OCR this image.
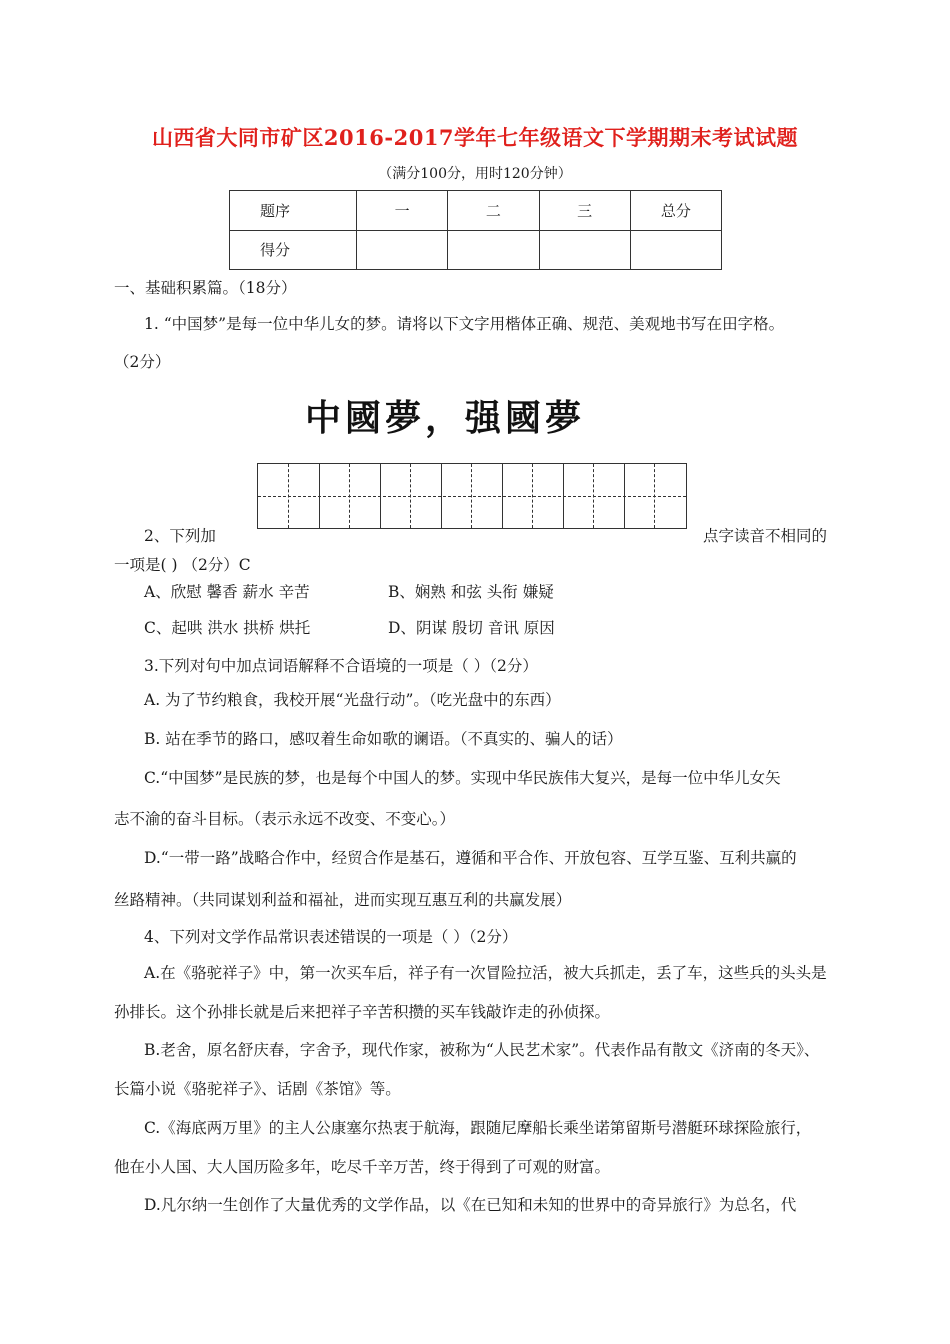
山西省大同市矿区2016-2017学年七年级语文下学期期末考试试题
（满分100分，用时120分钟）
题序	一	二	三	总分
得分				
一、基础积累篇。（18分）
1. “中国梦”是每一位中华儿女的梦。请将以下文字用楷体正确、规范、美观地书写在田字格。
（2分）
中國夢，强國夢
2、下列加	点字读音不相同的
一项是( ) （2分）C
A、欣慰 馨香 薪水 辛苦	B、娴熟 和弦 头衔 嫌疑
C、起哄 洪水 拱桥 烘托	D、阴谋 殷切 音讯 原因
3.下列对句中加点词语解释不合语境的一项是（ ）（2分）
A. 为了节约粮食，我校开展“光盘行动”。（吃光盘中的东西）
B. 站在季节的路口，感叹着生命如歌的谰语。（不真实的、骗人的话）
C.“中国梦”是民族的梦，也是每个中国人的梦。实现中华民族伟大复兴，是每一位中华儿女矢
志不渝的奋斗目标。（表示永远不改变、不变心。）
D.“一带一路”战略合作中，经贸合作是基石，遵循和平合作、开放包容、互学互鉴、互利共赢的
丝路精神。（共同谋划利益和福祉，进而实现互惠互利的共赢发展）
4、下列对文学作品常识表述错误的一项是（ ）（2分）
A.在《骆驼祥子》中，第一次买车后，祥子有一次冒险拉活，被大兵抓走，丢了车，这些兵的头头是
孙排长。这个孙排长就是后来把祥子辛苦积攒的买车钱敲诈走的孙侦探。
B.老舍，原名舒庆春，字舍予，现代作家，被称为“人民艺术家”。代表作品有散文《济南的冬天》、
长篇小说《骆驼祥子》、话剧《茶馆》等。
C.《海底两万里》的主人公康塞尔热衷于航海，跟随尼摩船长乘坐诺第留斯号潜艇环球探险旅行，
他在小人国、大人国历险多年，吃尽千辛万苦，终于得到了可观的财富。
D.凡尔纳一生创作了大量优秀的文学作品，以《在已知和未知的世界中的奇异旅行》为总名，代
